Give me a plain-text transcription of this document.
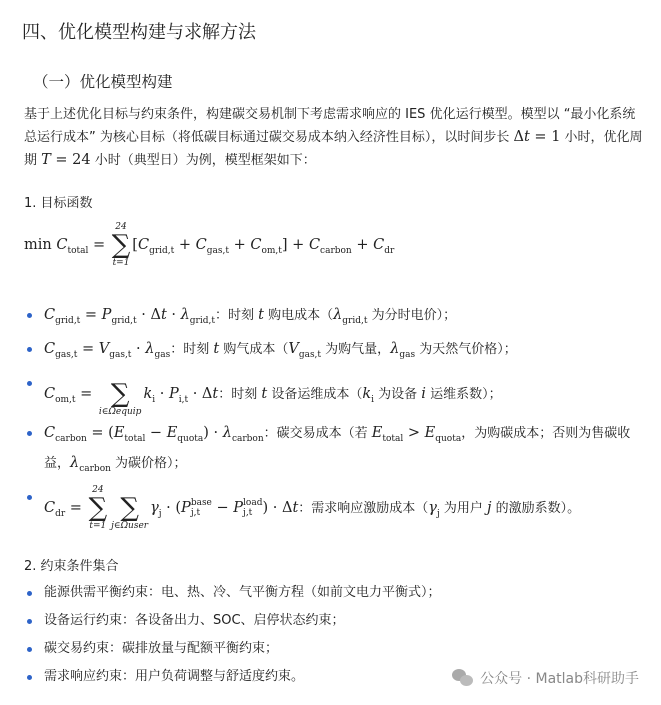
四、优化模型构建与求解方法
（一）优化模型构建
基于上述优化目标与约束条件，构建碳交易机制下考虑需求响应的 IES 优化运行模型。模型以 “最小化系统总运行成本” 为核心目标（将低碳目标通过碳交易成本纳入经济性目标），以时间步长 Δt = 1 小时，优化周期 T = 24 小时（典型日）为例，模型框架如下：
1. 目标函数
$\min C_{total}$ =
24
∑
t=1
$[C_{grid,t} + C_{gas,t} + C_{om,t}] + C_{carbon} + C_{dr}$
$C_{grid,t} = P_{grid,t} \cdot \Delta t \cdot \lambda_{grid,t}$：时刻 t 购电成本（$\lambda_{grid,t}$ 为分时电价）；
$C_{gas,t} = V_{gas,t} \cdot \lambda_{gas}$：时刻 t 购气成本（$V_{gas,t}$ 为购气量，$\lambda_{gas}$ 为天然气价格）；
$C_{om,t}$ =
∑
i∈Ωequip
$k_i \cdot P_{i,t} \cdot \Delta t$：时刻 t 设备运维成本（$k_i$ 为设备 i 运维系数）；
$C_{carbon} = (E_{total} - E_{quota}) \cdot \lambda_{carbon}$：碳交易成本（若 $E_{total} > E_{quota}$，为购碳成本；否则为售碳收益，$\lambda_{carbon}$ 为碳价格）；
$C_{dr}$ =
24
∑
t=1

∑
j∈Ωuser
$\gamma_j \cdot (P$ base
j,t − P load
j,t ) · Δt：需求响应激励成本（$\gamma_j$ 为用户 j 的激励系数）。
2. 约束条件集合
能源供需平衡约束：电、热、冷、气平衡方程（如前文电力平衡式）；
设备运行约束：各设备出力、SOC、启停状态约束；
碳交易约束：碳排放量与配额平衡约束；
需求响应约束：用户负荷调整与舒适度约束。	公众号 · Matlab科研助手
